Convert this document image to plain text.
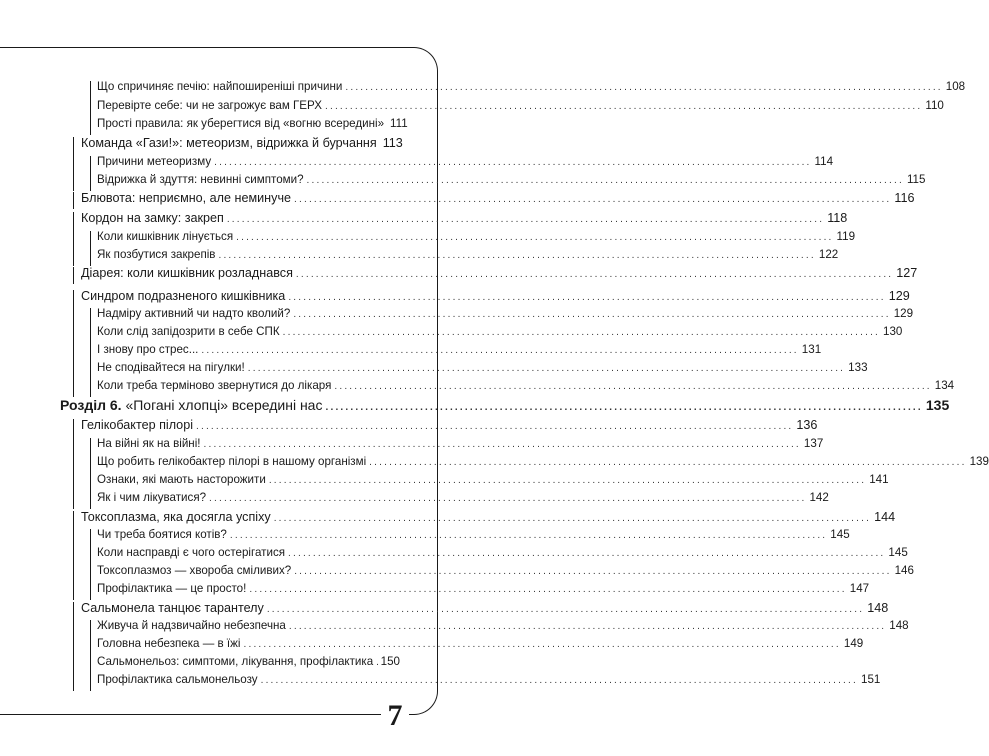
Що спричиняє печію: найпоширеніші причини ........................................................................................................................ 108
Перевірте себе: чи не загрожує вам ГЕРХ ........................................................................................................................ 110
Прості правила: як уберегтися від «вогню всередині» 111
Команда «Гази!»: метеоризм, відрижка й бурчання 113
Причини метеоризму ........................................................................................................................ 114
Відрижка й здуття: невинні симптоми? ........................................................................................................................ 115
Блювота: неприємно, але неминуче ........................................................................................................................ 116
Кордон на замку: закреп ........................................................................................................................ 118
Коли кишківник лінується ........................................................................................................................ 119
Як позбутися закрепів ........................................................................................................................ 122
Діарея: коли кишківник розладнався ........................................................................................................................ 127
Синдром подразненого кишківника ........................................................................................................................ 129
Надміру активний чи надто кволий? ........................................................................................................................ 129
Коли слід запідозрити в себе СПК ........................................................................................................................ 130
І знову про стрес... ........................................................................................................................ 131
Не сподівайтеся на пігулки! ........................................................................................................................ 133
Коли треба терміново звернутися до лікаря ........................................................................................................................ 134
Розділ 6. «Погані хлопці» всередині нас ........................................................................................................................ 135
Гелікобактер пілорі ........................................................................................................................ 136
На війні як на війні! ........................................................................................................................ 137
Що робить гелікобактер пілорі в нашому організмі ........................................................................................................................ 139
Ознаки, які мають насторожити ........................................................................................................................ 141
Як і чим лікуватися? ........................................................................................................................ 142
Токсоплазма, яка досягла успіху ........................................................................................................................ 144
Чи треба боятися котів? ........................................................................................................................ 145
Коли насправді є чого остерігатися ........................................................................................................................ 145
Токсоплазмоз — хвороба сміливих? ........................................................................................................................ 146
Профілактика — це просто! ........................................................................................................................ 147
Сальмонела танцює тарантелу ........................................................................................................................ 148
Живуча й надзвичайно небезпечна ........................................................................................................................ 148
Головна небезпека — в їжі ........................................................................................................................ 149
Сальмонельоз: симптоми, лікування, профілактика 150
Профілактика сальмонельозу ........................................................................................................................ 151
7
